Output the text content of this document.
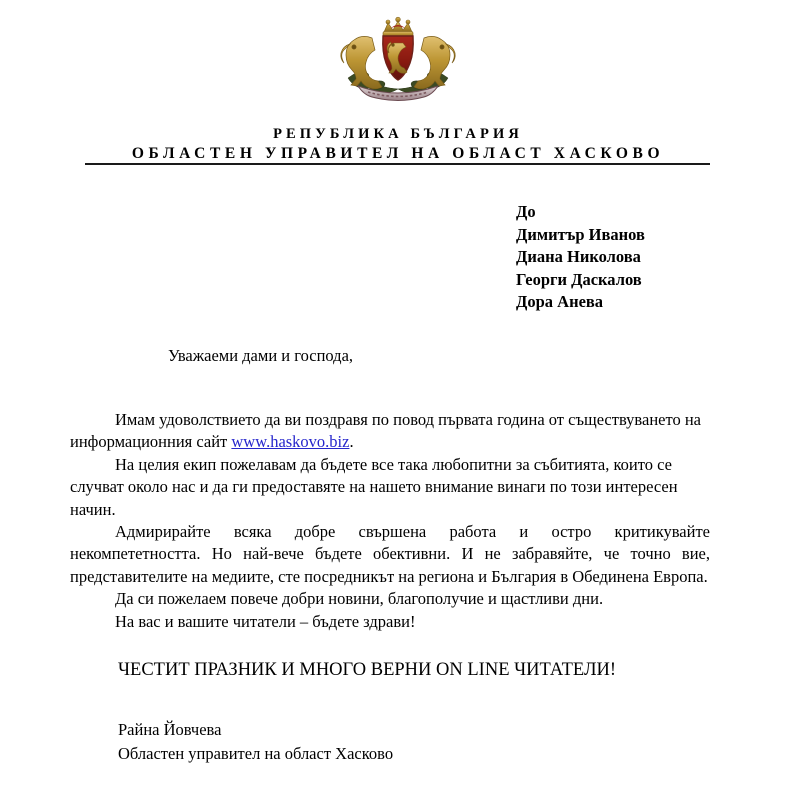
РЕПУБЛИКА БЪЛГАРИЯ
ОБЛАСТЕН УПРАВИТЕЛ НА ОБЛАСТ ХАСКОВО
До
Димитър Иванов
Диана Николова
Георги Даскалов
Дора Анева
Уважаеми дами и господа,

Имам удоволствието да ви поздравя по повод първата година от съществуването на информационния сайт www.haskovo.biz.

На целия екип пожелавам да бъдете все така любопитни за събитията, които се случват около нас и да ги предоставяте на нашето внимание винаги по този интересен начин.

Адмирирайте всяка добре свършена работа и остро критикувайте некомпететността. Но най-вече бъдете обективни. И не забравяйте, че точно вие, представителите на медиите, сте посредникът на региона и България в Обединена Европа.

Да си пожелаем повече добри новини, благополучие и щастливи дни.

На вас и вашите читатели – бъдете здрави!

ЧЕСТИТ ПРАЗНИК И МНОГО ВЕРНИ ON LINE ЧИТАТЕЛИ!
Райна Йовчева
Областен управител на област Хасково
